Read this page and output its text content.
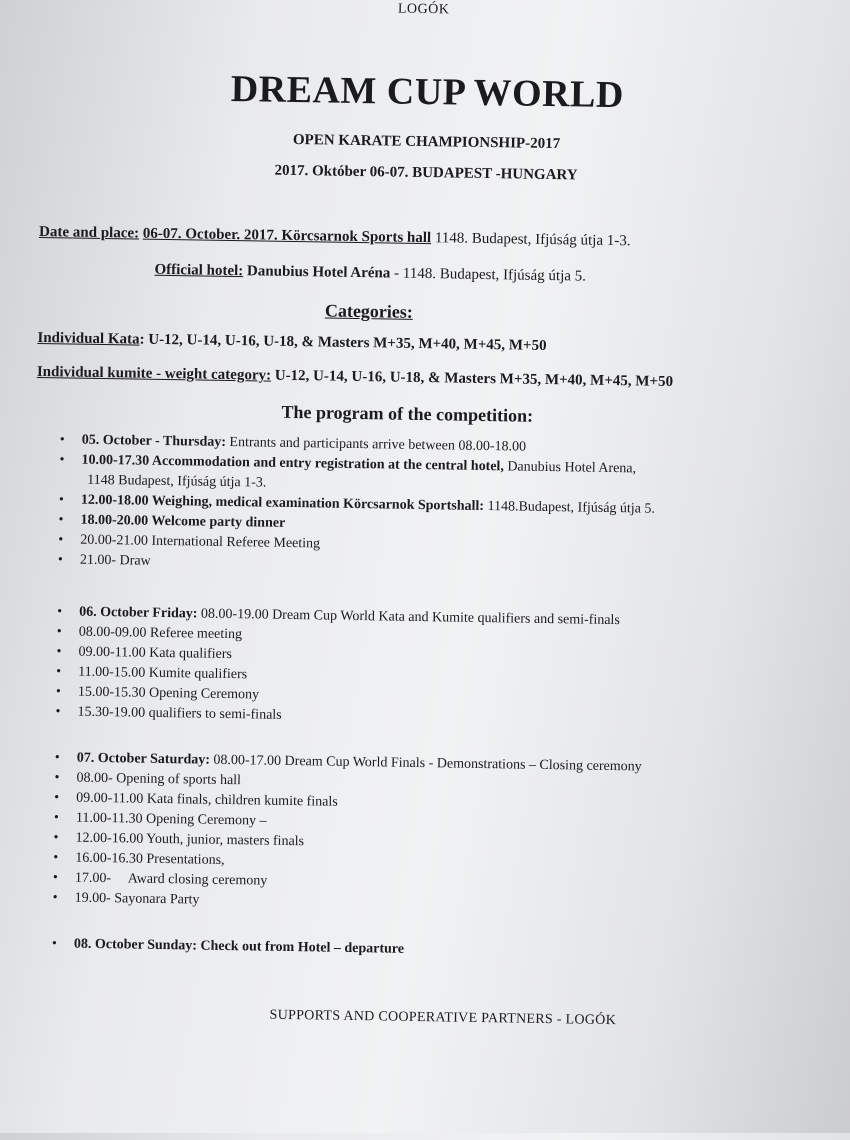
LOGÓK
DREAM CUP WORLD
OPEN KARATE CHAMPIONSHIP-2017
2017. Október 06-07. BUDAPEST -HUNGARY
Date and place: 06-07. October. 2017. Körcsarnok Sports hall 1148. Budapest, Ifjúság útja 1-3.
Official hotel: Danubius Hotel Aréna - 1148. Budapest, Ifjúság útja 5.
Categories:
Individual Kata: U-12, U-14, U-16, U-18, & Masters M+35, M+40, M+45, M+50
Individual kumite - weight category: U-12, U-14, U-16, U-18, & Masters M+35, M+40, M+45, M+50
The program of the competition:
• 05. October - Thursday: Entrants and participants arrive between 08.00-18.00
• 10.00-17.30 Accommodation and entry registration at the central hotel, Danubius Hotel Arena,
1148 Budapest, Ifjúság útja 1-3.
• 12.00-18.00 Weighing, medical examination Körcsarnok Sportshall: 1148.Budapest, Ifjúság útja 5.
• 18.00-20.00 Welcome party dinner
• 20.00-21.00 International Referee Meeting
• 21.00- Draw
• 06. October Friday: 08.00-19.00 Dream Cup World Kata and Kumite qualifiers and semi-finals
• 08.00-09.00 Referee meeting
• 09.00-11.00 Kata qualifiers
• 11.00-15.00 Kumite qualifiers
• 15.00-15.30 Opening Ceremony
• 15.30-19.00 qualifiers to semi-finals
• 07. October Saturday: 08.00-17.00 Dream Cup World Finals - Demonstrations – Closing ceremony
• 08.00- Opening of sports hall
• 09.00-11.00 Kata finals, children kumite finals
• 11.00-11.30 Opening Ceremony –
• 12.00-16.00 Youth, junior, masters finals
• 16.00-16.30 Presentations,
• 17.00-     Award closing ceremony
• 19.00- Sayonara Party
• 08. October Sunday: Check out from Hotel – departure
SUPPORTS AND COOPERATIVE PARTNERS - LOGÓK
